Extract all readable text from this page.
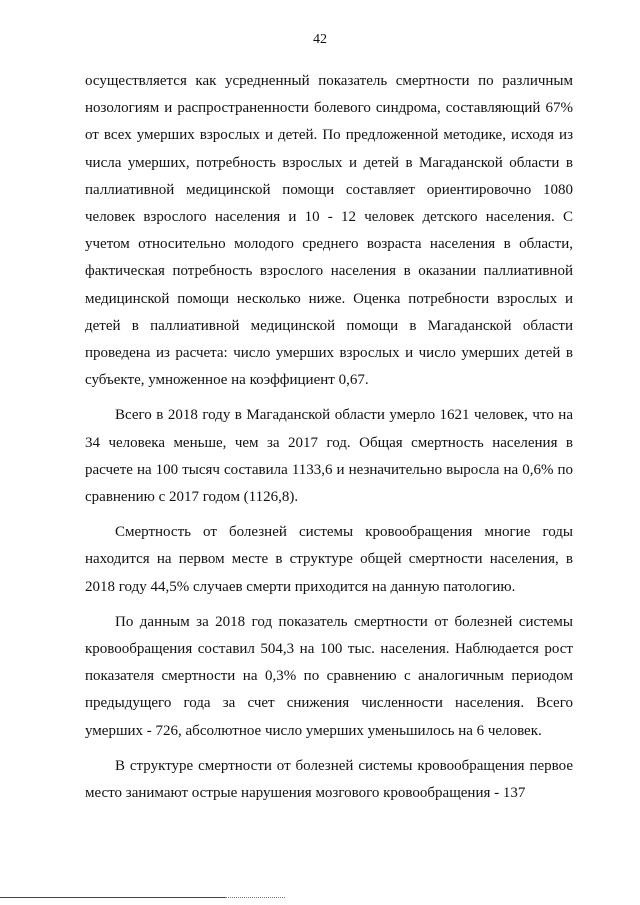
42

осуществляется как усредненный показатель смертности по различным нозологиям и распространенности болевого синдрома, составляющий 67% от всех умерших взрослых и детей. По предложенной методике, исходя из числа умерших, потребность взрослых и детей в Магаданской области в паллиативной медицинской помощи составляет ориентировочно 1080 человек взрослого населения и 10 - 12 человек детского населения. С учетом относительно молодого среднего возраста населения в области, фактическая потребность взрослого населения в оказании паллиативной медицинской помощи несколько ниже. Оценка потребности взрослых и детей в паллиативной медицинской помощи в Магаданской области проведена из расчета: число умерших взрослых и число умерших детей в субъекте, умноженное на коэффициент 0,67.

Всего в 2018 году в Магаданской области умерло 1621 человек, что на 34 человека меньше, чем за 2017 год. Общая смертность населения в расчете на 100 тысяч составила 1133,6 и незначительно выросла на 0,6% по сравнению с 2017 годом (1126,8).

Смертность от болезней системы кровообращения многие годы находится на первом месте в структуре общей смертности населения, в 2018 году 44,5% случаев смерти приходится на данную патологию.

По данным за 2018 год показатель смертности от болезней системы кровообращения составил 504,3 на 100 тыс. населения. Наблюдается рост показателя смертности на 0,3% по сравнению с аналогичным периодом предыдущего года за счет снижения численности населения. Всего умерших - 726, абсолютное число умерших уменьшилось на 6 человек.

В структуре смертности от болезней системы кровообращения первое место занимают острые нарушения мозгового кровообращения - 137
